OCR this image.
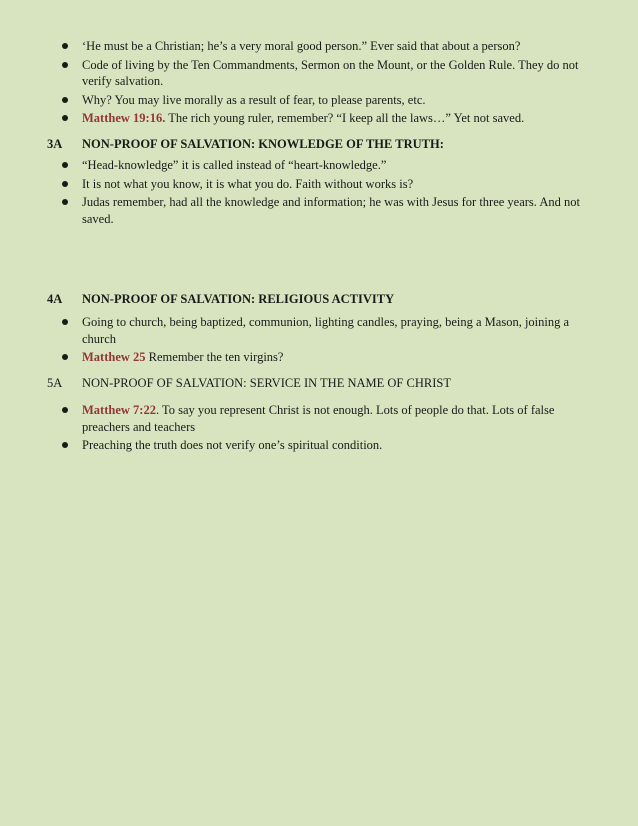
‘He must be a Christian; he’s a very moral good person.” Ever said that about a person?
Code of living by the Ten Commandments, Sermon on the Mount, or the Golden Rule. They do not verify salvation.
Why? You may live morally as a result of fear, to please parents, etc.
Matthew 19:16. The rich young ruler, remember? “I keep all the laws…” Yet not saved.
3A NON-PROOF OF SALVATION: KNOWLEDGE OF THE TRUTH:
“Head-knowledge” it is called instead of “heart-knowledge.”
It is not what you know, it is what you do. Faith without works is?
Judas remember, had all the knowledge and information; he was with Jesus for three years. And not saved.
4A NON-PROOF OF SALVATION: RELIGIOUS ACTIVITY
Going to church, being baptized, communion, lighting candles, praying, being a Mason, joining a church
Matthew 25 Remember the ten virgins?
5A NON-PROOF OF SALVATION: SERVICE IN THE NAME OF CHRIST
Matthew 7:22. To say you represent Christ is not enough. Lots of people do that. Lots of false preachers and teachers
Preaching the truth does not verify one’s spiritual condition.
